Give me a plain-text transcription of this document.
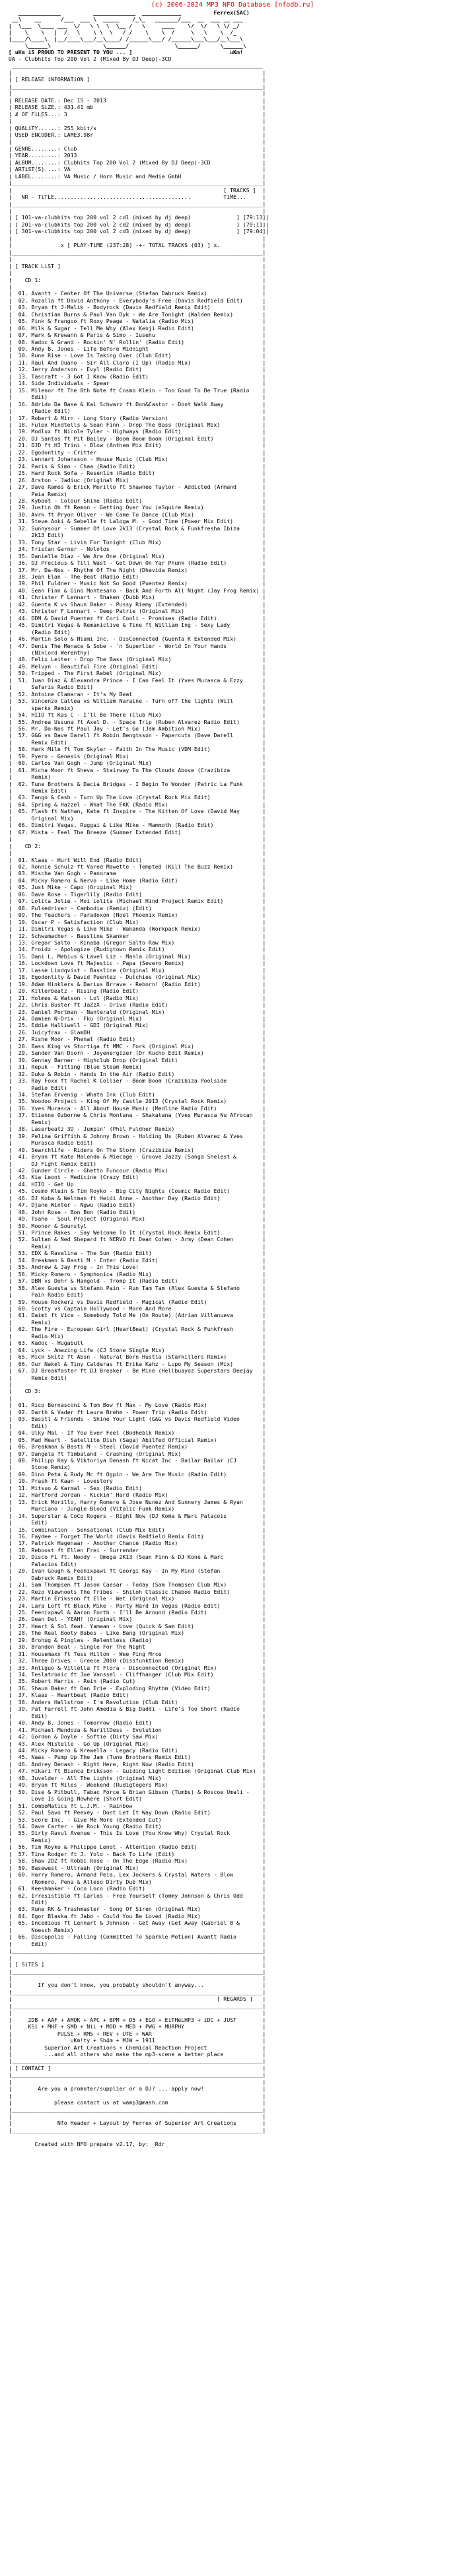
(c) 2006-2024 MP3 NFO Database [nfodb.ru]
_____________          _____________  ____________          Ferrex(SAC)
__\    __      /___  ___ \  _____    /_\_   _______/___  __  ___ __ ___
|  \___  \____ ___  \/   \ \  \  \__ /   \     ____    \/  \/   \ \/ _/
|    \    \   |  /   \    \ \  \   / /    \    \  /     \   \    \  /_
|____/\____\  |__/____\___/__\____/ /______\___/ /______\___\___/__\___\
\______\                \______/              \______/      \______\
[ uKm iS PROUD TO PRESENT TO YOU ... ]                              uKm!
UA - Clubhits Top 200 Vol 2 (Mixed By DJ Deep)-3CD
_____________________________________________________________________________
|                                                                             |
| [ RELEASE iNFORMATiON ]                                                     |
|_____________________________________________________________________________|
|                                                                             |
| RELEASE DATE.: Dec 15 - 2013                                                |
| RELEASE SiZE.: 431.41 mb                                                    |
| # OF FiLES...: 3                                                            |
|                                                                             |
| QUALiTY......: 255 kbit/s                                                   |
| USED ENCODER.: LAME3.98r                                                    |
|                                                                             |
| GENRE........: Club                                                         |
| YEAR.........: 2013                                                         |
| ALBUM........: Clubhits Top 200 Vol 2 (Mixed By DJ Deep)-3CD                |
| ARTiST(S)....: VA                                                           |
| LABEL........: VA Music / Horn Music and Media GmbH                         |
|_____________________________________________________________________________|
|                                                                 [ TRACKS ]  |
|   NR - TiTLE..........................................          TiME...     |
|_____________________________________________________________________________|
|                                                                             |
| [ 101-va-clubhits top 200 vol 2 cd1 (mixed by dj deep)              ] [79:13]|
| [ 201-va-clubhits top 200 vol 2 cd2 (mixed by dj deep)              ] [79:11]|
| [ 301-va-clubhits top 200 vol 2 cd3 (mixed by dj deep)              ] [79:04]|
|                                                                             |
|              .x [ PLAY-TiME (237:28) -+- TOTAL TRACKS (03) ] x.             |
|_____________________________________________________________________________|
|                                                                             |
| [ TRACK LiST ]                                                              |
|                                                                             |
|    CD 1:                                                                    |
|                                                                             |
|  01. Avantt - Center Of The Universe (Stefan Dabruck Remix)                 |
|  02. Rozalla ft David Anthony - Everybody's Free (Davis Redfield Edit)      |
|  03. Bryan ft J-Malik - Bodyrock (Davis Redfield Remix Edit)                |
|  04. Christian Burns & Paul Van Dyk - We Are Tonight (Walden Remix)         |
|  05. Pink & Frangoo ft Roxy Peage - Natalia (Radio Mix)                     |
|  06. Milk & Sugar - Tell Me Why (Alex Kenji Radio Edit)                     |
|  07. Mark & Krewann & Paris & Simo - Iusehu                                 |
|  08. Kadoc & Grand - Rockin' N' Rollin' (Radio Edit)                        |
|  09. Andy B. Jones - Life Before Midnight                                   |
|  10. Rune Rise - Love Is Taking Over (Club Edit)                            |
|  11. Raul And Ouano - Sir All Claro (I Up) (Radio Mix)                      |
|  12. Jerry Anderson - Evyl (Radio Edit)                                     |
|  13. Tascraft - 3 Got I Know (Radio Edit)                                   |
|  14. Side Individuals - Spear                                               |
|  15. Milenor ft The 8th Note ft Cosmo Klein - Too Good To Be True (Radio    |
|      Edit)                                                                  |
|  16. Adrido Da Base & Kai Schwarz ft Don&Castor - Dont Walk Away            |
|      (Radio Edit)                                                           |
|  17. Robert & Mirn - Long Story (Radio Version)                             |
|  18. Fulex Mindtells & Sean Finn - Drop The Bass (Original Mix)             |
|  19. Modlux ft Nicole Tyler - Highways (Radio Edit)                         |
|  20. DJ Santos ft Pit Bailey - Boom Boom Boom (Original Edit)               |
|  21. DJD ft HI Trini - Blow (Anthem Mix Edit)                               |
|  22. Egodontity - Critter                                                   |
|  23. Lennart Johansson - House Music (Club Mix)                             |
|  24. Paris & Simo - Chaa (Radio Edit)                                       |
|  25. Hard Rock Sofa - Resenlim (Radio Edit)                                 |
|  26. Arston - Jadiuc (Original Mix)                                         |
|  27. Dave Ramos & Erick Morillo ft Shawnee Taylor - Addicted (Armand        |
|      Peia Remix)                                                            |
|  28. Kyboot - Colour Shine (Radio Edit)                                     |
|  29. Justin Oh ft Remon - Getting Over You (eSquire Remix)                  |
|  30. Avrk ft Pryon Oliver - We Came To Dance (Club Mix)                     |
|  31. Steve Aoki & Sebelle ft Laloga M. - Good Time (Power Mix Edit)         |
|  32. Sunnysour - Summer Of Love 2k13 (Crystal Rock & Funkfresha Ibiza       |
|      2k13 Edit)                                                             |
|  33. Tony Star - Livin For Tonight (Club Mix)                               |
|  34. Tristan Garner - Nolotos                                               |
|  35. Danielle Diaz - We Are One (Original Mix)                              |
|  36. DJ Precious & Till Wast - Get Down On Yar Phunk (Radio Edit)           |
|  37. Mr. Da-Nos - Rhythm Of The Night (Dhevida Remix)                       |
|  38. Jean Elan - The Beat (Radio Edit)                                      |
|  39. Phil Fuldner - Music Not So Good (Puentez Remix)                       |
|  40. Sean Finn & Gino Montesano - Back And Forth All Night (Jay Frog Remix) |
|  41. Christer F Lennart - Shaken (Dubb Mix)                                 |
|  42. Guenta K vs Shaun Baker - Pussy Riemy (Extended)                       |
|  43. Christer F Lennart - Deep Patrie (Original Mix)                        |
|  44. DDM & David Puentez ft Cori Cooli - Promises (Radio Edit)              |
|  45. Dimitri Vegas & Remaniclive & Tine ft William Ing - Sexy Lady          |
|      (Radio Edit)                                                           |
|  46. Martin Solo & Niami Inc. - DisConnected (Guenta K Extended Mix)        |
|  47. Denis The Menace & Sobe - 'n Superlier - World In Your Hands           |
|      (Niklord Werenthy)                                                     |
|  48. Felix Leiter - Drop The Bass (Original Mix)                            |
|  49. Melvyn - Beautiful Fire (Original Edit)                                |
|  50. Tripped - The First Rebel (Original Mix)                               |
|  51. Juan Diaz & Alexandra Prince - I Can Feel It (Yves Murasca & Ezzy      |
|      Safaris Radio Edit)                                                    |
|  52. Antoine Clamaran - It's My Beat                                        |
|  53. Vincenzo Callea vs William Naraine - Turn off the lights (Will         |
|      sparks Remix)                                                          |
|  54. HIIO ft Kas C - I'll Be There (Club Mix)                               |
|  55. Andrea Ussuna ft Axel D. - Space Trip (Ruben Alvarez Radio Edit)       |
|  56. Mr. Da-Nos ft Paul Jay - Let's Go (Jam Ambition Mix)                   |
|  57. G&G vs Dave Darell ft Robin Bengtsson - Papercuts (Dave Darell         |
|      Remix Edit)                                                            |
|  58. Hark Mile ft Tom Skyler - Faith In The Music (VDM Edit)                |
|  59. Pyero - Genesis (Original Mix)                                         |
|  60. Carlos Van Gogh - Jump (Original Mix)                                  |
|  61. Micha Moor ft Sheva - Stairway To The Clouds Above (Crazibiza          |
|      Remix)                                                                 |
|  62. Tune Brothers & Dacia Bridges - I Begin To Wonder (Patric La Funk      |
|      Remix Edit)                                                            |
|  63. Tango & Cash - Turn Up The Love (Crystal Rock Mix Edit)                |
|  64. Spring & Hazzel - What The FKK (Radio Mix)                             |
|  65. Flash ft Nathan, Kate ft Inspire - The Kitten Of Love (David May       |
|      Original Mix)                                                          |
|  66. Dimitri Vegas, Ruggai & Like Mike - Mammoth (Radio Edit)               |
|  67. Mista - Feel The Breeze (Summer Extended Edit)                         |
|                                                                             |
|    CD 2:                                                                    |
|                                                                             |
|  01. Klaas - Hurt Will End (Radio Edit)                                     |
|  02. Ronnie Schulz ft Vared Mawette - Tempted (Kill The Buzz Remix)         |
|  03. Mischa Van Gogh - Panorama                                             |
|  04. Micky Romero & Nervo - Like Home (Radio Edit)                          |
|  05. Just Mike - Capo (Original Mix)                                        |
|  06. Dave Rose - Tigerlily (Radio Edit)                                     |
|  07. Lolita Jolie - Moi Lolita (Michael Hind Project Remix Edit)            |
|  08. Pulsedriver - Cambodia (Remix) (Edit)                                  |
|  09. The Teachers - Paradoxon (Noel Phoenix Remix)                          |
|  10. Oscar P - Satisfaction (Club Mix)                                      |
|  11. Dimitri Vegas & Like Mike - Wakanda (Workpack Remix)                   |
|  12. Schwumacher - Bassline Skanker                                         |
|  13. Gregor Salto - Kinaba (Gregor Salto Raw Mix)                           |
|  14. Froidz - Apologize (Rudigtown Remix Edit)                              |
|  15. Dani L. Mebius & Lavel Liz - Manla (Original Mix)                      |
|  16. Lockdown Love ft Majestic - Papa (Severo Remix)                        |
|  17. Lasse Lindqvist - Bassline (Original Mix)                              |
|  18. Egodontity & David Puentez - Dutchies (Original Mix)                   |
|  19. Adam Hinklers & Darius Brrave - Reborn! (Radio Edit)                   |
|  20. Killerbeatz - Rising (Radio Edit)                                      |
|  21. Holmes & Watson - Lol (Radio Mix)                                      |
|  22. Chris Buster ft JaZzX - Drive (Radio Edit)                             |
|  23. Daniel Portman - Nanterald (Original Mix)                              |
|  24. Damien N-Drix - Fku (Original Mix)                                     |
|  25. Eddie Halliwell - GDI (Original Mix)                                   |
|  26. Juicyfrax - GlamDH                                                     |
|  27. Rishe Moor - Phenal (Radio Edit)                                       |
|  28. Bass King vs Stortiga ft MMC - Fork (Original Mix)                     |
|  29. Sander Van Doorn - Joyenergizer (Dr Kucho Edit Remix)                  |
|  30. Gennay Barner - Highclub Drop (Original Edit)                          |
|  31. Repuk - Fitting (Blue Steam Remix)                                     |
|  32. Duke & Robin - Hands In the Air (Radio Edit)                           |
|  33. Ray Foxx ft Rachel K Collier - Boom Boom (Crazibiza Poolside           |
|      Radio Edit)                                                            |
|  34. Stefan Ervenig - Whata Ink (Club Edit)                                 |
|  35. Woodoo Project - King Of My Castle 2013 (Crystal Rock Remix)           |
|  36. Yves Murasca - All About House Music (Medline Radio Edit)              |
|  37. Etienne Ozborne & Chris Montana - Shakatana (Yves Murasca Nu Afrocan   |
|      Remix)                                                                 |
|  38. Laserbeatz 3D - Jumpin' (Phil Fuldner Remix)                           |
|  39. Pelina Griffith & Johnny Brown - Holding Us (Ruben Alvarez & Yves      |
|      Murasca Radio Edit)                                                    |
|  40. Searchlife - Riders On The Storm (Crazibiza Remix)                     |
|  41. Bryan ft Kate Malendo & Miecage - Groove Jazzy (Sanga Shelest &        |
|      DJ Fight Remix Edit)                                                   |
|  42. Gunder Circle - Ghetto Funcour (Radio Mix)                             |
|  43. Kia Leont - Medicine (Crazy Edit)                                      |
|  44. HIIO - Get Up                                                          |
|  45. Cosmo Klein & Tim Royko - Big City Nights (Cosmic Radio Edit)          |
|  46. DJ Koba & Weltman ft Heidi Anne - Another Day (Radio Edit)             |
|  47. Djane Winter - Ngwu (Radio Edit)                                       |
|  48. John Rose - Bon Bon (Radio Edit)                                       |
|  49. Tsaho - Soul Project (Original Mix)                                    |
|  50. Moonor & Sounstyl                                                      |
|  51. Prince Rakes - Say Welcome To It (Crystal Rock Remix Edit)             |
|  52. Sultan & Ned Shepard ft NERVO ft Dean Cohen - Army (Dean Cohen         |
|      Remix)                                                                 |
|  53. EDX & Ravelina - The Sun (Radio Edit)                                  |
|  54. Breakman & Basti M - Enter (Radio Edit)                                |
|  55. Andrew & Jay Frog - In This Love!                                      |
|  56. Micky Romero - Symphonica (Radio Mix)                                  |
|  57. DBN vs Dohr & Hangold - Tromp It (Radio Edit)                          |
|  58. Alex Guesta vs Stefano Pain - Run Tam Tam (Alex Guesta & Stefano       |
|      Pain Radio Edit)                                                       |
|  59. House Rockerz vs Davis Redfield - Magical (Radio Edit)                 |
|  60. Scotty vs Captain Hollywood - More And More                            |
|  61. Daimt ft Vice - Somebody Told Me (On Route) (Adrian Villanueva         |
|      Remix)                                                                 |
|  62. The Fire - European Girl (HeartBeat) (Crystal Rock & Funkfresh         |
|      Radio Mix)                                                             |
|  63. Kadoc - Hugabull                                                       |
|  64. Lyck - Amazing Life (CJ Stone Single Mix)                              |
|  65. Mick Skitz ft Absn - Natural Born Hustla (Starkillers Remix)           |
|  66. Our Nakel & Tiny Calderas ft Erika Kahz - Lupo My Season (Mix)         |
|  67. DJ Breakfaster ft DJ Breaker - Be Mine (Hellbuayoz Superstars Deejay   |
|      Remix Edit)                                                            |
|                                                                             |
|    CD 3:                                                                    |
|                                                                             |
|  01. Rico Bernasconi & Tom Bow ft Max - My Love (Radio Mix)                 |
|  02. Darth & Vader ft Laura Brehm - Power Trip (Radio Edit)                 |
|  03. Basstl & Friends - Shine Your Light (G&G vs Davis Redfield Video       |
|      Edit)                                                                  |
|  04. Ulky Mal - If You Ever Feel (Bodhebik Remix)                           |
|  05. Mad Heart - Satellite Dish (Saga) Abilfed Official Remix)              |
|  06. Breakman & Basti M - Steel (David Puentez Remix)                       |
|  07. Dangela ft Timbaland - Crashing (Original Mix)                         |
|  08. Philipp Kay & Viktoriya Denash ft Nicat Inc - Bailar Bailar (CJ        |
|      Stone Remix)                                                           |
|  09. Dino Peta & Rudy Mc ft Ogpin - We Are The Music (Radio Edit)           |
|  10. Prash ft Kaan - Lovestory                                              |
|  11. Mitsuo & Karmal - Sex (Radio Edit)                                     |
|  12. Hartford Jordan - Kickin' Hard (Radio Mix)                             |
|  13. Erick Morillo, Harry Romero & Jose Nunez And Sunnery James & Ryan      |
|      Marciano - Jungle Blood (Vitalic Funk Remix)                           |
|  14. Superstar & CoCo Rogers - Right Now (DJ Koma & Marc Palacois           |
|      Edit)                                                                  |
|  15. Combination - Sensational (Club Mix Edit)                              |
|  16. Faydee - Forget The World (Davis Redfield Remix Edit)                  |
|  17. Patrick Hagenaar - Another Chance (Radio Mix)                          |
|  18. Reboost ft Ellen Frei - Surrender                                      |
|  19. Disco Fi ft. Noody - Omega 2K13 (Sean Finn & DJ Kone & Marc            |
|      Palacios Edit)                                                         |
|  20. Ivan Gough & Feenixpawl ft Georgi Kay - In My Mind (Stefan             |
|      Dabruck Remix Edit)                                                    |
|  21. Sam Thompsen ft Jason Caesar - Today (Sam Thompsen Club Mix)           |
|  22. Rezo Viewnoots The Tribes - Shiloh Classic Chaboo Radio Edit)          |
|  23. Martin Eriksson ft Elle - Wet (Original Mix)                           |
|  24. Lara Loft ft Black Mike - Party Hard In Vegas (Radio Edit)             |
|  25. Feenixpawl & Aaron Forth - I'll Be Around (Radio Edit)                 |
|  26. Dean Del - YEAH! (Original Mix)                                        |
|  27. Heart & Sol feat. Yamaan - Love (Quick & Sam Edit)                     |
|  28. The Real Booty Babes - Like Bang (Original Mix)                        |
|  29. Brohug & Pingles - Relentless (Radio)                                  |
|  30. Brandon Beal - Single For The Night                                    |
|  31. Housemaxx ft Tess Hilton - Wee Ping Mrce                               |
|  32. Three Drives - Greece 2000 (Dissfunktion Remix)                        |
|  33. Antiguo & Villella ft Flora - Disconnected (Original Mix)              |
|  34. Teslatronic ft Joe Vanssel - Cliffhanger (Club Mix Edit)               |
|  35. Robert Harris - Rein (Radio Cut)                                       |
|  36. Shaun Baker ft Dan Erie - Exploding Rhythm (Video Edit)                |
|  37. Klaas - Heartbeat (Radio Edit)                                         |
|  38. Anders Hallstrom - I'm Revolution (Club Edit)                          |
|  39. Pat Farrell ft John Amedia & Big Daddi - Life's Too Short (Radio       |
|      Edit)                                                                  |
|  40. Andy B. Jones - Tomorrow (Radio Edit)                                  |
|  41. Michael Mendoza & NarillDess - Evolution                               |
|  42. Gordon & Doyle - Softie (Dirty Saw Mix)                                |
|  43. Alex Mistelle - Go Up (Original Mix)                                   |
|  44. Micky Romero & Krewella - Legacy (Radio Edit)                          |
|  45. Naas - Pump Up The Jam (Tune Brothers Remix Edit)                      |
|  46. Andrey Denash - Right Here, Right Now (Radio Edit)                     |
|  47. Hikari ft Bianca Eriksson - Guiding Light Edition (Original Club Mix)  |
|  48. Juvelder - All The Lights (Original Mix)                               |
|  49. Bryan ft Miles - Weekend (Rudigtogers Mix)                             |
|  50. Dise & Pitbull, Tabac Force & Brian Gibson (Tumbs) & Roscoe Umali -    |
|      Love Is Going Nowhere (Short Edit)                                     |
|  51. ComboMatics ft L.J.M. - Rainbow                                        |
|  52. Paul Savo ft Peevey - Dont Let It Way Down (Radio Edit)                |
|  53. Score Inc. - Give Me More (Extended Cut)                               |
|  54. Dave Carter - We Rock Young (Radio Edit)                               |
|  55. Dirty Ravul Avenue - This Is Love (You Know Why) Crystal Rock          |
|      Remix)                                                                 |
|  56. Tim Royko & Philippe Lenot - Attention (Radio Edit)                    |
|  57. Tina Rodger ft J. Yolo - Back To Life (Edit)                           |
|  58. Shaw 2DZ ft Robbi Rose - On The Edge (Radio Mix)                       |
|  59. Basewest - Ultraah (Original Mix)                                      |
|  60. Harry Romero, Armand Peia, Lex Jockers & Crystal Waters - Blow         |
|      (Romero, Pena & Alleso Dirty Dub Mix)                                  |
|  61. Keeshmaker - Coco Loco (Radio Edit)                                    |
|  62. Irresistible ft Carlos - Free Yourself (Tommy Johnson & Chris Odd      |
|      Edit)                                                                  |
|  63. Rune RK & Trashmaster - Song Of Siren (Original Mix)                   |
|  64. Igor Blaska ft Jabo - Could You Be Loved (Radio Mix)                   |
|  65. Incedious ft Lennart & Johnson - Get Away (Get Away (Gabriel B &       |
|      Noesch Remix)                                                          |
|  66. Discopolis - Falling (Committed To Sparkle Motion) Avantt Radio        |
|      Edit)                                                                  |
|_____________________________________________________________________________|
|                                                                             |
| [ SiTES ]                                                                   |
|_____________________________________________________________________________|
|                                                                             |
|        If you don't know, you probably shouldn't anyway...                  |
|_____________________________________________________________________________|
|                                                               [ REGARDS ]   |
|_____________________________________________________________________________|
|                                                                             |
|     2DB + AAF + AMOK + APC + BPM + D5 + EGO + EiTHeLHP3 + iDC + JUST        |
|     KSi + MHF + SMD + NiL + MOD + MED + PWG + MURPHY                        |
|              PULSE + RMS + REV + UTE + WAR                                  |
|                  uKm!ty + Sh4m + MJW + 1911                                 |
|          Superior Art Creations + Chemical Reaction Project                 |
|          ...and all others who make the mp3-scene a better place            |
|_____________________________________________________________________________|
| [ CONTACT ]                                                                 |
|_____________________________________________________________________________|
|                                                                             |
|        Are you a promoter/supplier or a DJ? ... apply now!                  |
|                                                                             |
|             please contact us at wamp3@mash.com                             |
|_____________________________________________________________________________|
|                                                                             |
|              Nfo Header + Layout by Ferrex of Superior Art Creations        |
|_____________________________________________________________________________|

Created with NFO prepare v2.17, by: _Rdr_
